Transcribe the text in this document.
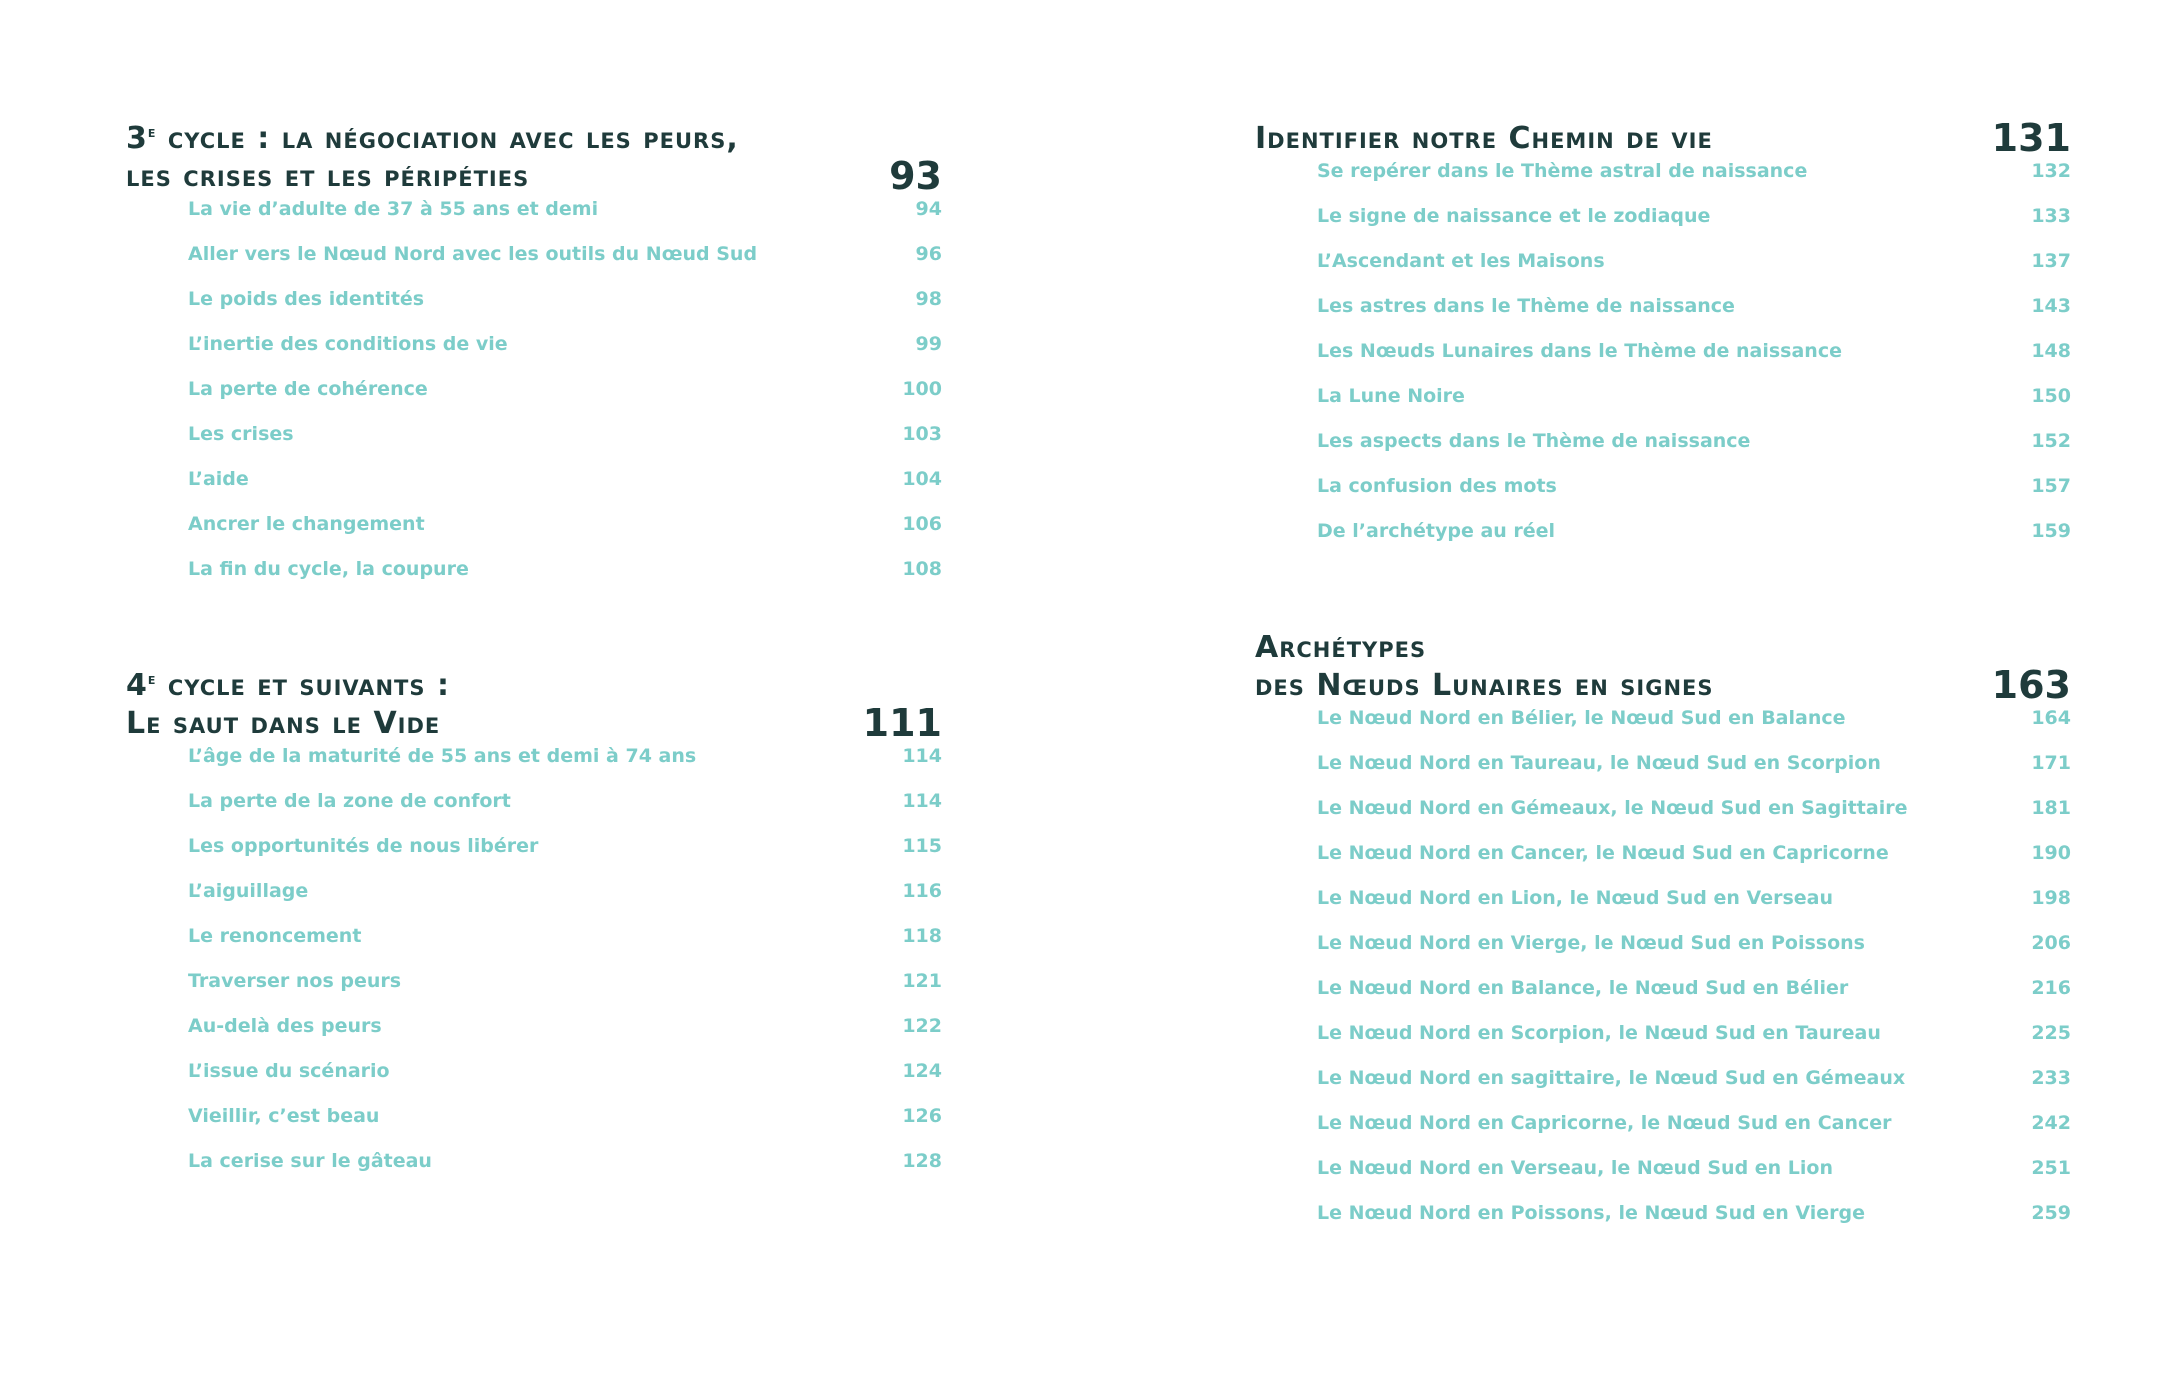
3e cycle : la négociation avec les peurs,
les crises et les péripéties	93
La vie d’adulte de 37 à 55 ans et demi	94
Aller vers le Nœud Nord avec les outils du Nœud Sud	96
Le poids des identités	98
L’inertie des conditions de vie	99
La perte de cohérence	100
Les crises	103
L’aide	104
Ancrer le changement	106
La fin du cycle, la coupure	108
4e cycle et suivants :
Le saut dans le Vide	111
L’âge de la maturité de 55 ans et demi à 74 ans	114
La perte de la zone de confort	114
Les opportunités de nous libérer	115
L’aiguillage	116
Le renoncement	118
Traverser nos peurs	121
Au-delà des peurs	122
L’issue du scénario	124
Vieillir, c’est beau	126
La cerise sur le gâteau	128
Identifier notre Chemin de vie	131
Se repérer dans le Thème astral de naissance	132
Le signe de naissance et le zodiaque	133
L’Ascendant et les Maisons	137
Les astres dans le Thème de naissance	143
Les Nœuds Lunaires dans le Thème de naissance	148
La Lune Noire	150
Les aspects dans le Thème de naissance	152
La confusion des mots	157
De l’archétype au réel	159
Archétypes
des Nœuds Lunaires en signes	163
Le Nœud Nord en Bélier, le Nœud Sud en Balance	164
Le Nœud Nord en Taureau, le Nœud Sud en Scorpion	171
Le Nœud Nord en Gémeaux, le Nœud Sud en Sagittaire	181
Le Nœud Nord en Cancer, le Nœud Sud en Capricorne	190
Le Nœud Nord en Lion, le Nœud Sud en Verseau	198
Le Nœud Nord en Vierge, le Nœud Sud en Poissons	206
Le Nœud Nord en Balance, le Nœud Sud en Bélier	216
Le Nœud Nord en Scorpion, le Nœud Sud en Taureau	225
Le Nœud Nord en sagittaire, le Nœud Sud en Gémeaux	233
Le Nœud Nord en Capricorne, le Nœud Sud en Cancer	242
Le Nœud Nord en Verseau, le Nœud Sud en Lion	251
Le Nœud Nord en Poissons, le Nœud Sud en Vierge	259
